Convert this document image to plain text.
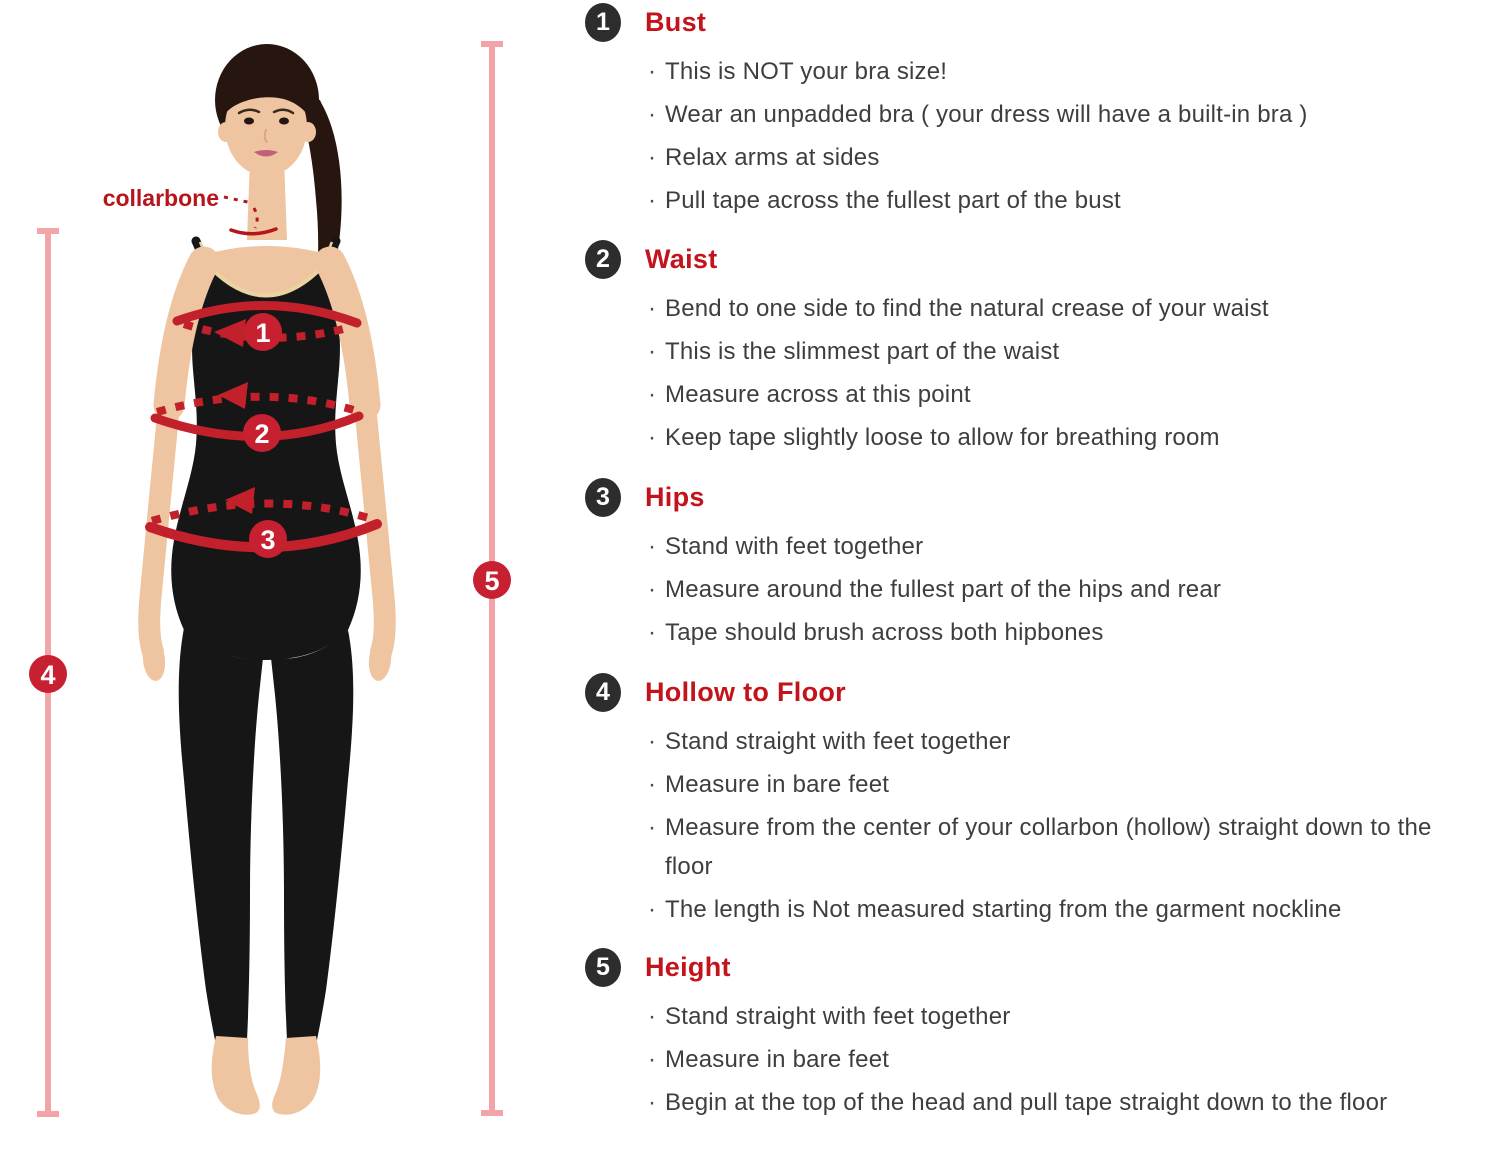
collarbone
1
2
3
4
5
1	Bust
· This is NOT your bra size!
· Wear an unpadded bra ( your dress will have a built-in bra )
· Relax arms at sides
· Pull tape across the fullest part of the bust
2	Waist
· Bend to one side to find the natural crease of your waist
· This is the slimmest part of the waist
· Measure across at this point
· Keep tape slightly loose to allow for breathing room
3	Hips
· Stand with feet together
· Measure around the fullest part of the hips and rear
· Tape should brush across both hipbones
4	Hollow to Floor
· Stand straight with feet together
· Measure in bare feet
· Measure from the center of your collarbon (hollow) straight down to the floor
· The length is Not measured starting from the garment nockline
5	Height
· Stand straight with feet together
· Measure in bare feet
· Begin at the top of the head and pull tape straight down to the floor
